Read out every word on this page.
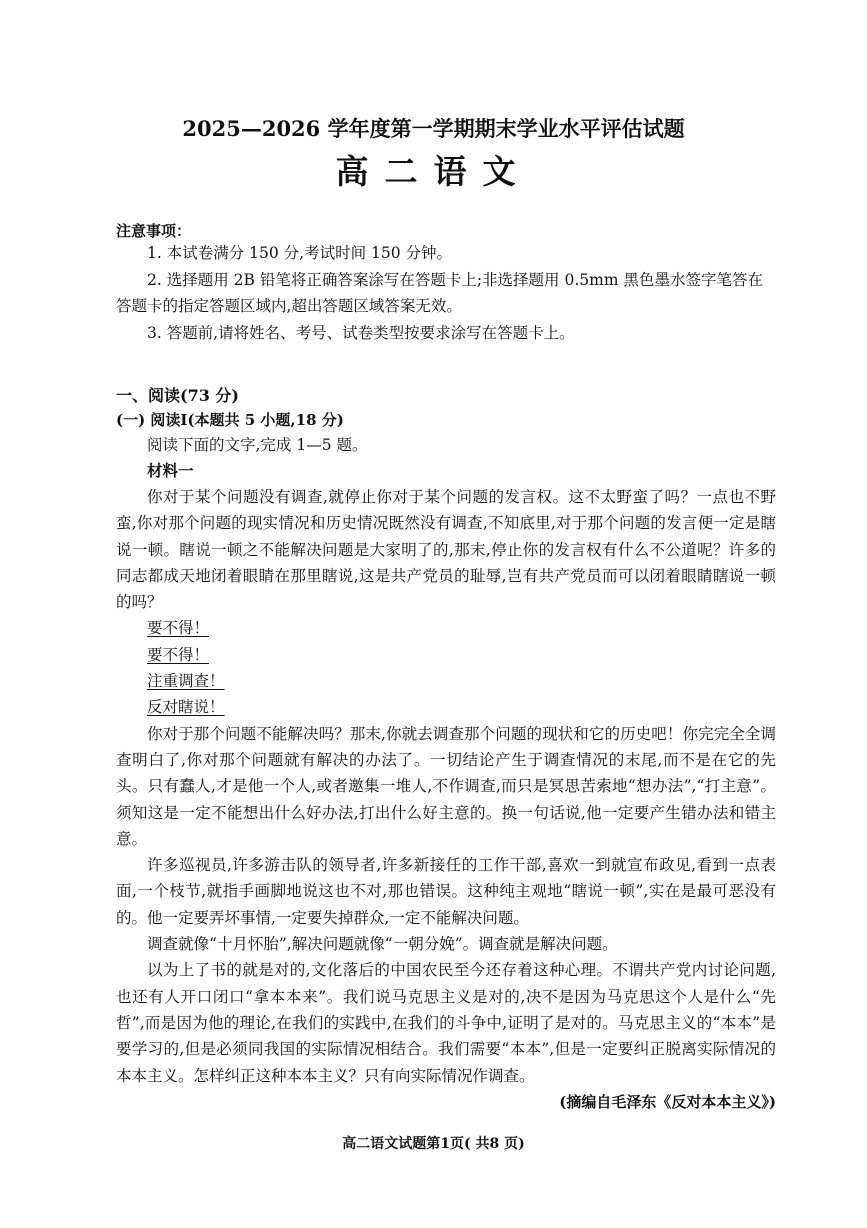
2025—2026 学年度第一学期期末学业水平评估试题
高二语文
注意事项：

1. 本试卷满分 150 分,考试时间 150 分钟。

2. 选择题用 2B 铅笔将正确答案涂写在答题卡上;非选择题用 0.5mm 黑色墨水签字笔答在答题卡的指定答题区域内,超出答题区域答案无效。

3. 答题前,请将姓名、考号、试卷类型按要求涂写在答题卡上。

一、阅读(73 分)

(一) 阅读Ⅰ(本题共 5 小题,18 分)

阅读下面的文字,完成 1—5 题。

材料一

你对于某个问题没有调查,就停止你对于某个问题的发言权。这不太野蛮了吗？一点也不野蛮,你对那个问题的现实情况和历史情况既然没有调查,不知底里,对于那个问题的发言便一定是瞎说一顿。瞎说一顿之不能解决问题是大家明了的,那末,停止你的发言权有什么不公道呢？许多的同志都成天地闭着眼睛在那里瞎说,这是共产党员的耻辱,岂有共产党员而可以闭着眼睛瞎说一顿的吗？

要不得！
要不得！
注重调查！
反对瞎说！

你对于那个问题不能解决吗？那末,你就去调查那个问题的现状和它的历史吧！你完完全全调查明白了,你对那个问题就有解决的办法了。一切结论产生于调查情况的末尾,而不是在它的先头。只有蠢人,才是他一个人,或者邀集一堆人,不作调查,而只是冥思苦索地“想办法”,“打主意”。须知这是一定不能想出什么好办法,打出什么好主意的。换一句话说,他一定要产生错办法和错主意。

许多巡视员,许多游击队的领导者,许多新接任的工作干部,喜欢一到就宣布政见,看到一点表面,一个枝节,就指手画脚地说这也不对,那也错误。这种纯主观地“瞎说一顿”,实在是最可恶没有的。他一定要弄坏事情,一定要失掉群众,一定不能解决问题。

调查就像“十月怀胎”,解决问题就像“一朝分娩”。调查就是解决问题。

以为上了书的就是对的,文化落后的中国农民至今还存着这种心理。不谓共产党内讨论问题,也还有人开口闭口“拿本本来”。我们说马克思主义是对的,决不是因为马克思这个人是什么“先哲”,而是因为他的理论,在我们的实践中,在我们的斗争中,证明了是对的。马克思主义的“本本”是要学习的,但是必须同我国的实际情况相结合。我们需要“本本”,但是一定要纠正脱离实际情况的本本主义。怎样纠正这种本本主义？只有向实际情况作调查。

(摘编自毛泽东《反对本本主义》)

高二语文试题第1页( 共8 页)
